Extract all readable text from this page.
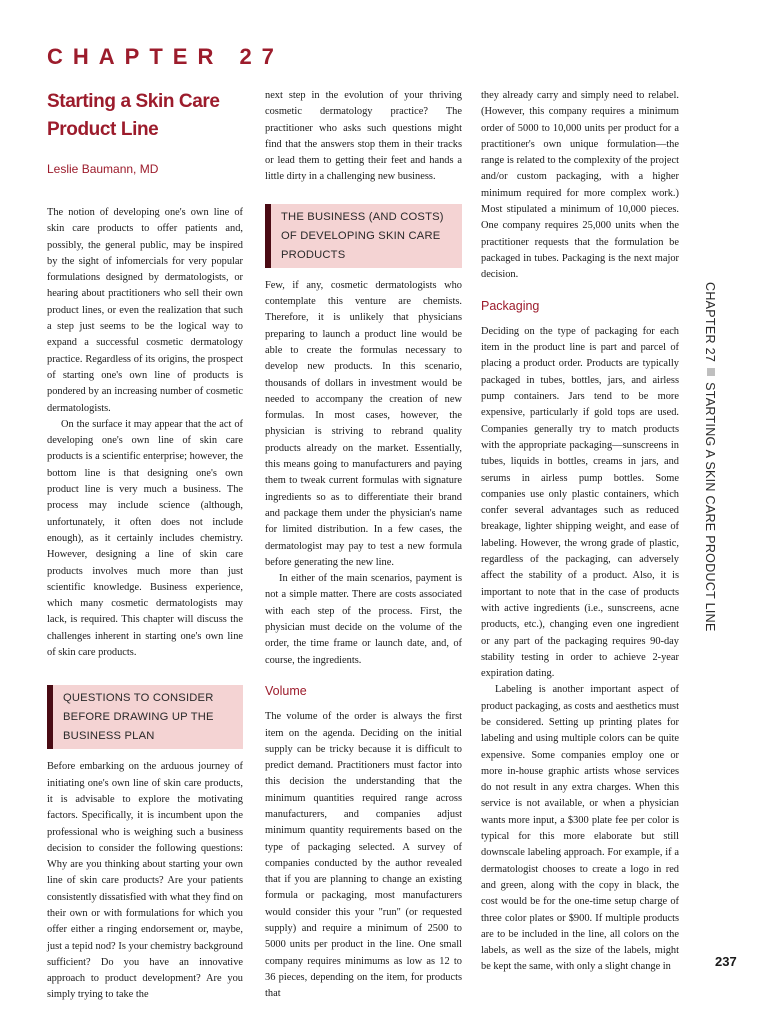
CHAPTER 27
Starting a Skin Care Product Line

Leslie Baumann, MD

The notion of developing one's own line of skin care products to offer patients and, possibly, the general public, may be inspired by the sight of infomercials for very popular formulations designed by dermatologists, or hearing about practitioners who sell their own product lines, or even the realization that such a step just seems to be the logical way to expand a successful cosmetic dermatology practice. Regardless of its origins, the prospect of starting one's own line of products is pondered by an increasing number of cosmetic dermatologists.

On the surface it may appear that the act of developing one's own line of skin care products is a scientific enterprise; however, the bottom line is that designing one's own product line is very much a business. The process may include science (although, unfortunately, it often does not include enough), as it certainly includes chemistry. However, designing a line of skin care products involves much more than just scientific knowledge. Business experience, which many cosmetic dermatologists may lack, is required. This chapter will discuss the challenges inherent in starting one's own line of skin care products.

QUESTIONS TO CONSIDER BEFORE DRAWING UP THE BUSINESS PLAN

Before embarking on the arduous journey of initiating one's own line of skin care products, it is advisable to explore the motivating factors. Specifically, it is incumbent upon the professional who is weighing such a business decision to consider the following questions: Why are you thinking about starting your own line of skin care products? Are your patients consistently dissatisfied with what they find on their own or with formulations for which you offer either a ringing endorsement or, maybe, just a tepid nod? Is your chemistry background sufficient? Do you have an innovative approach to product development? Are you simply trying to take the

next step in the evolution of your thriving cosmetic dermatology practice? The practitioner who asks such questions might find that the answers stop them in their tracks or lead them to getting their feet and hands a little dirty in a challenging new business.

THE BUSINESS (AND COSTS) OF DEVELOPING SKIN CARE PRODUCTS

Few, if any, cosmetic dermatologists who contemplate this venture are chemists. Therefore, it is unlikely that physicians preparing to launch a product line would be able to create the formulas necessary to develop new products. In this scenario, thousands of dollars in investment would be needed to accompany the creation of new formulas. In most cases, however, the physician is striving to rebrand quality products already on the market. Essentially, this means going to manufacturers and paying them to tweak current formulas with signature ingredients so as to differentiate their brand and package them under the physician's name for limited distribution. In a few cases, the dermatologist may pay to test a new formula before generating the new line.

In either of the main scenarios, payment is not a simple matter. There are costs associated with each step of the process. First, the physician must decide on the volume of the order, the time frame or launch date, and, of course, the ingredients.

Volume

The volume of the order is always the first item on the agenda. Deciding on the initial supply can be tricky because it is difficult to predict demand. Practitioners must factor into this decision the understanding that the minimum quantities required range across manufacturers, and companies adjust minimum quantity requirements based on the type of packaging selected. A survey of companies conducted by the author revealed that if you are planning to change an existing formula or packaging, most manufacturers would consider this your "run" (or requested supply) and require a minimum of 2500 to 5000 units per product in the line. One small company requires minimums as low as 12 to 36 pieces, depending on the item, for products that

they already carry and simply need to relabel. (However, this company requires a minimum order of 5000 to 10,000 units per product for a practitioner's own unique formulation—the range is related to the complexity of the project and/or custom packaging, with a higher minimum required for more complex work.) Most stipulated a minimum of 10,000 pieces. One company requires 25,000 units when the practitioner requests that the formulation be packaged in tubes. Packaging is the next major decision.

Packaging

Deciding on the type of packaging for each item in the product line is part and parcel of placing a product order. Products are typically packaged in tubes, bottles, jars, and airless pump containers. Jars tend to be more expensive, particularly if gold tops are used. Companies generally try to match products with the appropriate packaging—sunscreens in tubes, liquids in bottles, creams in jars, and serums in airless pump bottles. Some companies use only plastic containers, which confer several advantages such as reduced breakage, lighter shipping weight, and ease of labeling. However, the wrong grade of plastic, regardless of the packaging, can adversely affect the stability of a product. Also, it is important to note that in the case of products with active ingredients (i.e., sunscreens, acne products, etc.), changing even one ingredient or any part of the packaging requires 90-day stability testing in order to achieve 2-year expiration dating.

Labeling is another important aspect of product packaging, as costs and aesthetics must be considered. Setting up printing plates for labeling and using multiple colors can be quite expensive. Some companies employ one or more in-house graphic artists whose services do not result in any extra charges. When this service is not available, or when a physician wants more input, a $300 plate fee per color is typical for this more elaborate but still downscale labeling approach. For example, if a dermatologist chooses to create a logo in red and green, along with the copy in black, the cost would be for the one-time setup charge of three color plates or $900. If multiple products are to be included in the line, all colors on the labels, as well as the size of the labels, might be kept the same, with only a slight change in

CHAPTER 27STARTING A SKIN CARE PRODUCT LINE

237
